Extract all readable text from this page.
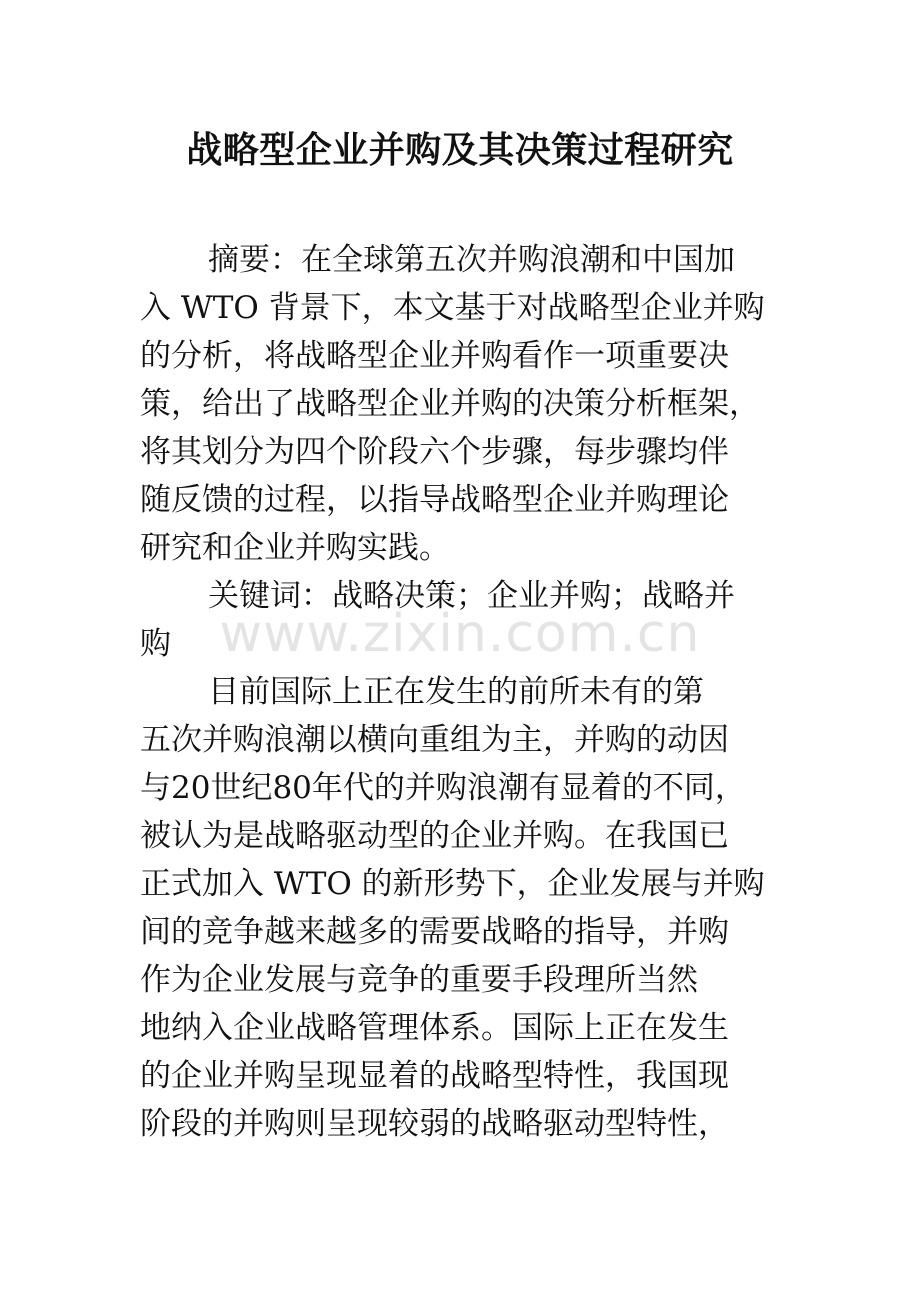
战略型企业并购及其决策过程研究
摘要：在全球第五次并购浪潮和中国加
入 WTO 背景下，本文基于对战略型企业并购
的分析，将战略型企业并购看作一项重要决
策，给出了战略型企业并购的决策分析框架，
将其划分为四个阶段六个步骤，每步骤均伴
随反馈的过程，以指导战略型企业并购理论
研究和企业并购实践。
关键词：战略决策；企业并购；战略并
购
目前国际上正在发生的前所未有的第
五次并购浪潮以横向重组为主，并购的动因
与20世纪80年代的并购浪潮有显着的不同，
被认为是战略驱动型的企业并购。在我国已
正式加入 WTO 的新形势下，企业发展与并购
间的竞争越来越多的需要战略的指导，并购
作为企业发展与竞争的重要手段理所当然
地纳入企业战略管理体系。国际上正在发生
的企业并购呈现显着的战略型特性，我国现
阶段的并购则呈现较弱的战略驱动型特性，
www.zixin.com.cn
